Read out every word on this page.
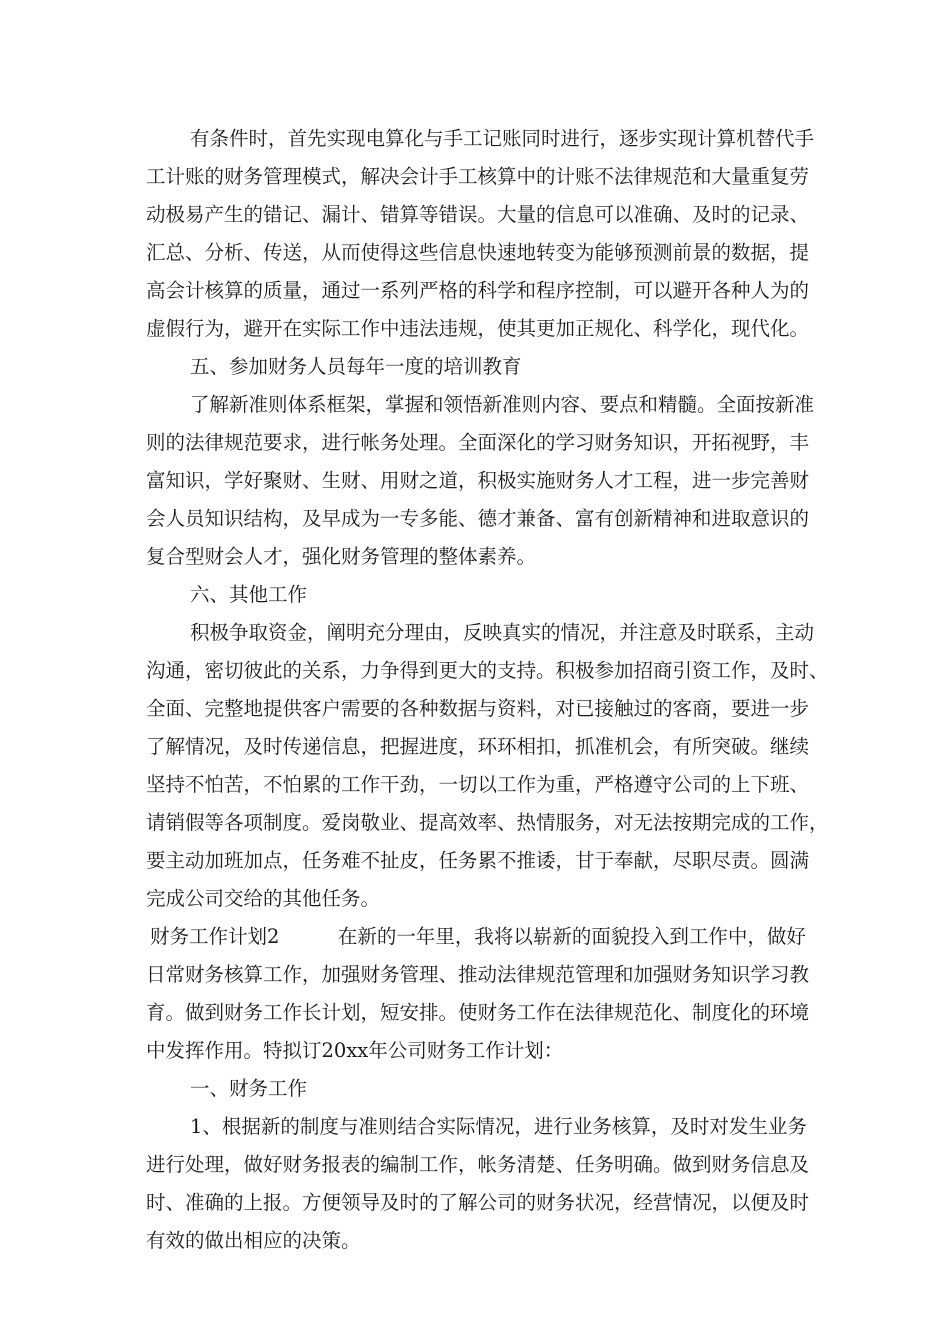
有条件时，首先实现电算化与手工记账同时进行，逐步实现计算机替代手
工计账的财务管理模式，解决会计手工核算中的计账不法律规范和大量重复劳
动极易产生的错记、漏计、错算等错误。大量的信息可以准确、及时的记录、
汇总、分析、传送，从而使得这些信息快速地转变为能够预测前景的数据，提
高会计核算的质量，通过一系列严格的科学和程序控制，可以避开各种人为的
虚假行为，避开在实际工作中违法违规，使其更加正规化、科学化，现代化。
五、参加财务人员每年一度的培训教育
了解新准则体系框架，掌握和领悟新准则内容、要点和精髓。全面按新准
则的法律规范要求，进行帐务处理。全面深化的学习财务知识，开拓视野，丰
富知识，学好聚财、生财、用财之道，积极实施财务人才工程，进一步完善财
会人员知识结构，及早成为一专多能、德才兼备、富有创新精神和进取意识的
复合型财会人才，强化财务管理的整体素养。
六、其他工作
积极争取资金，阐明充分理由，反映真实的情况，并注意及时联系，主动
沟通，密切彼此的关系，力争得到更大的支持。积极参加招商引资工作，及时、
全面、完整地提供客户需要的各种数据与资料，对已接触过的客商，要进一步
了解情况，及时传递信息，把握进度，环环相扣，抓准机会，有所突破。继续
坚持不怕苦，不怕累的工作干劲，一切以工作为重，严格遵守公司的上下班、
请销假等各项制度。爱岗敬业、提高效率、热情服务，对无法按期完成的工作，
要主动加班加点，任务难不扯皮，任务累不推诿，甘于奉献，尽职尽责。圆满
完成公司交给的其他任务。
财务工作计划2　　　在新的一年里，我将以崭新的面貌投入到工作中，做好
日常财务核算工作，加强财务管理、推动法律规范管理和加强财务知识学习教
育。做到财务工作长计划，短安排。使财务工作在法律规范化、制度化的环境
中发挥作用。特拟订20xx年公司财务工作计划：
一、财务工作
1、根据新的制度与准则结合实际情况，进行业务核算，及时对发生业务
进行处理，做好财务报表的编制工作，帐务清楚、任务明确。做到财务信息及
时、准确的上报。方便领导及时的了解公司的财务状况，经营情况，以便及时
有效的做出相应的决策。
